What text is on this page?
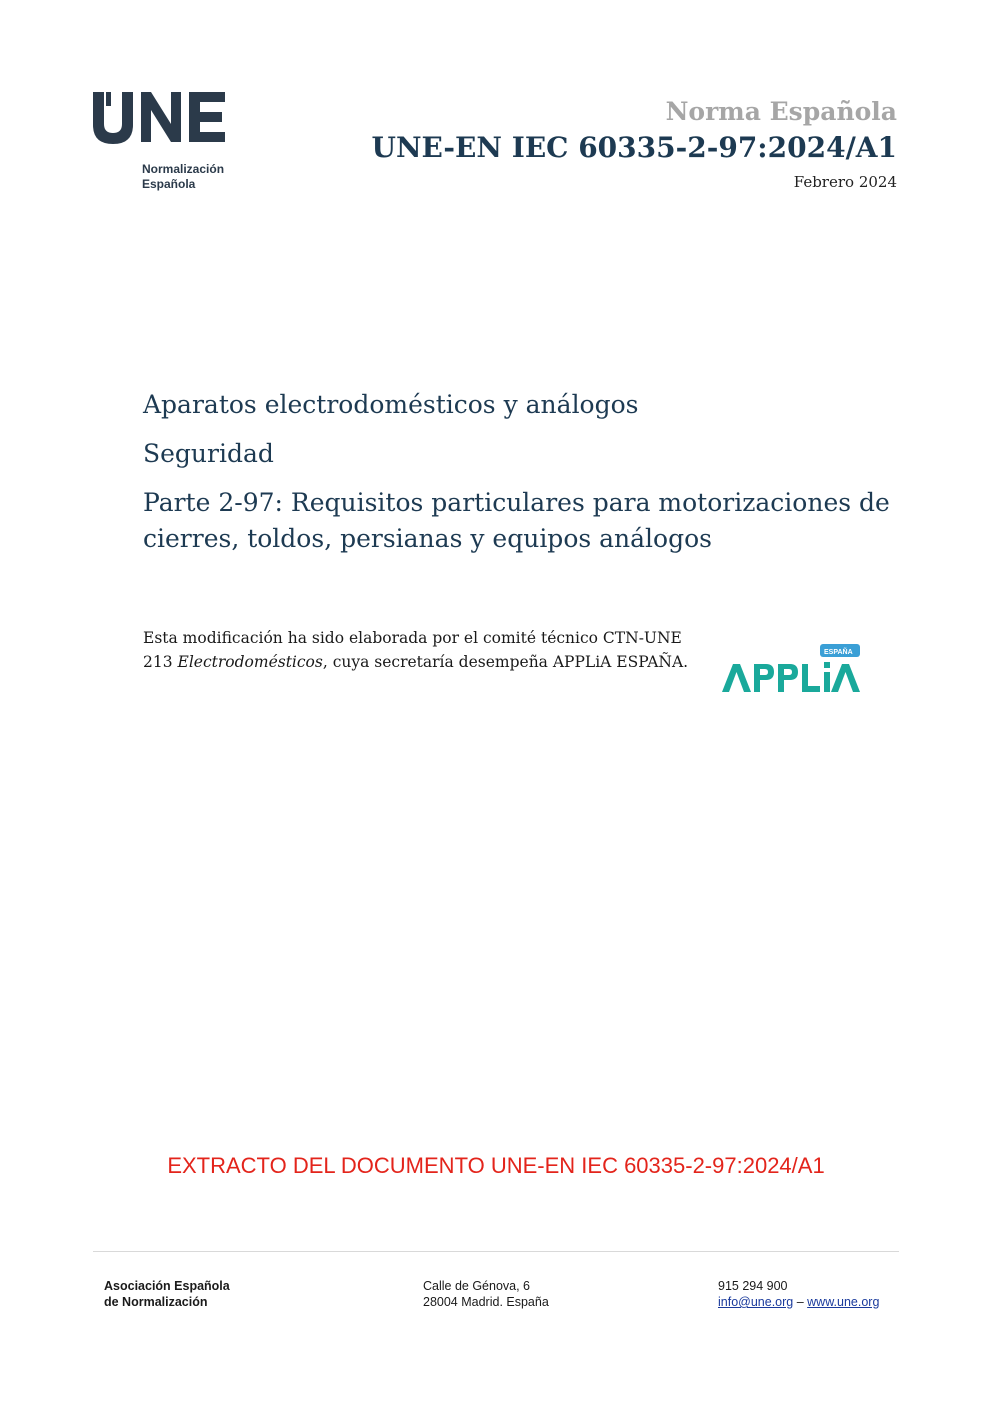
Normalización
Española
Norma Española
UNE-EN IEC 60335-2-97:2024/A1
Febrero 2024
Aparatos electrodomésticos y análogos
Seguridad
Parte 2-97: Requisitos particulares para motorizaciones de cierres, toldos, persianas y equipos análogos
Esta modificación ha sido elaborada por el comité técnico CTN-UNE 213 Electrodomésticos, cuya secretaría desempeña APPLiA ESPAÑA.	ESPAÑA
EXTRACTO DEL DOCUMENTO UNE-EN IEC 60335-2-97:2024/A1
Asociación Española
de Normalización
Calle de Génova, 6
28004 Madrid. España
915 294 900
info@une.org – www.une.org
